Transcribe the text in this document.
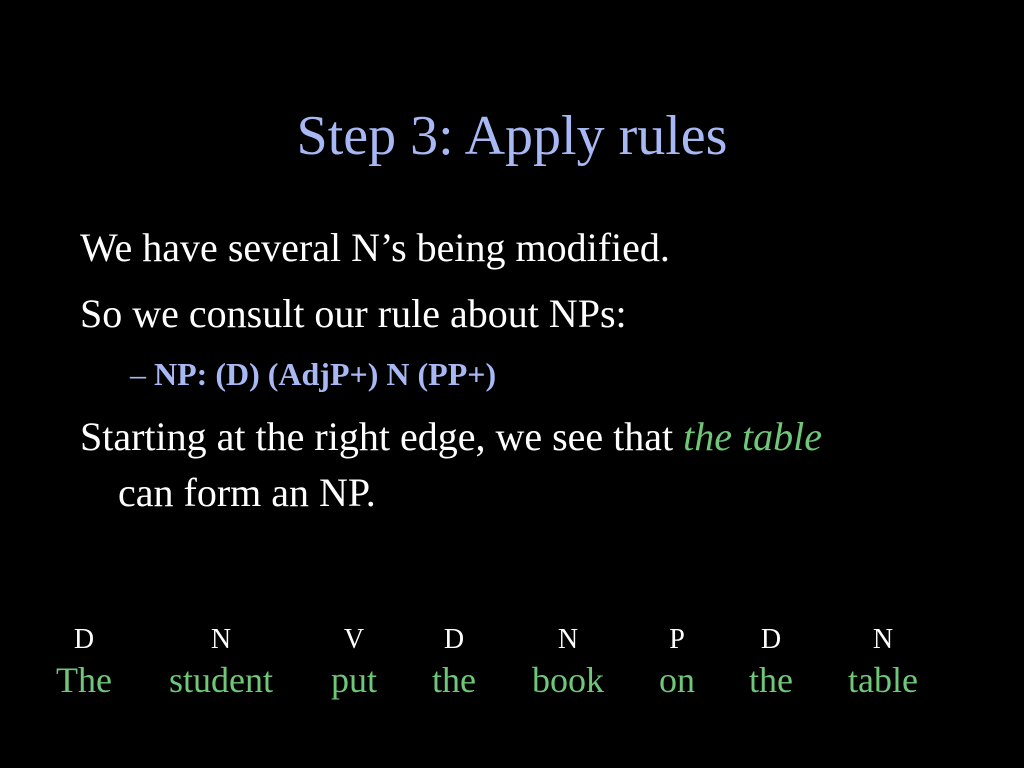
Step 3: Apply rules
We have several N’s being modified.
So we consult our rule about NPs:
– NP: (D) (AdjP+) N (PP+)
Starting at the right edge, we see that the table
can form an NP.
D
The
N
student
V
put
D
the
N
book
P
on
D
the
N
table
